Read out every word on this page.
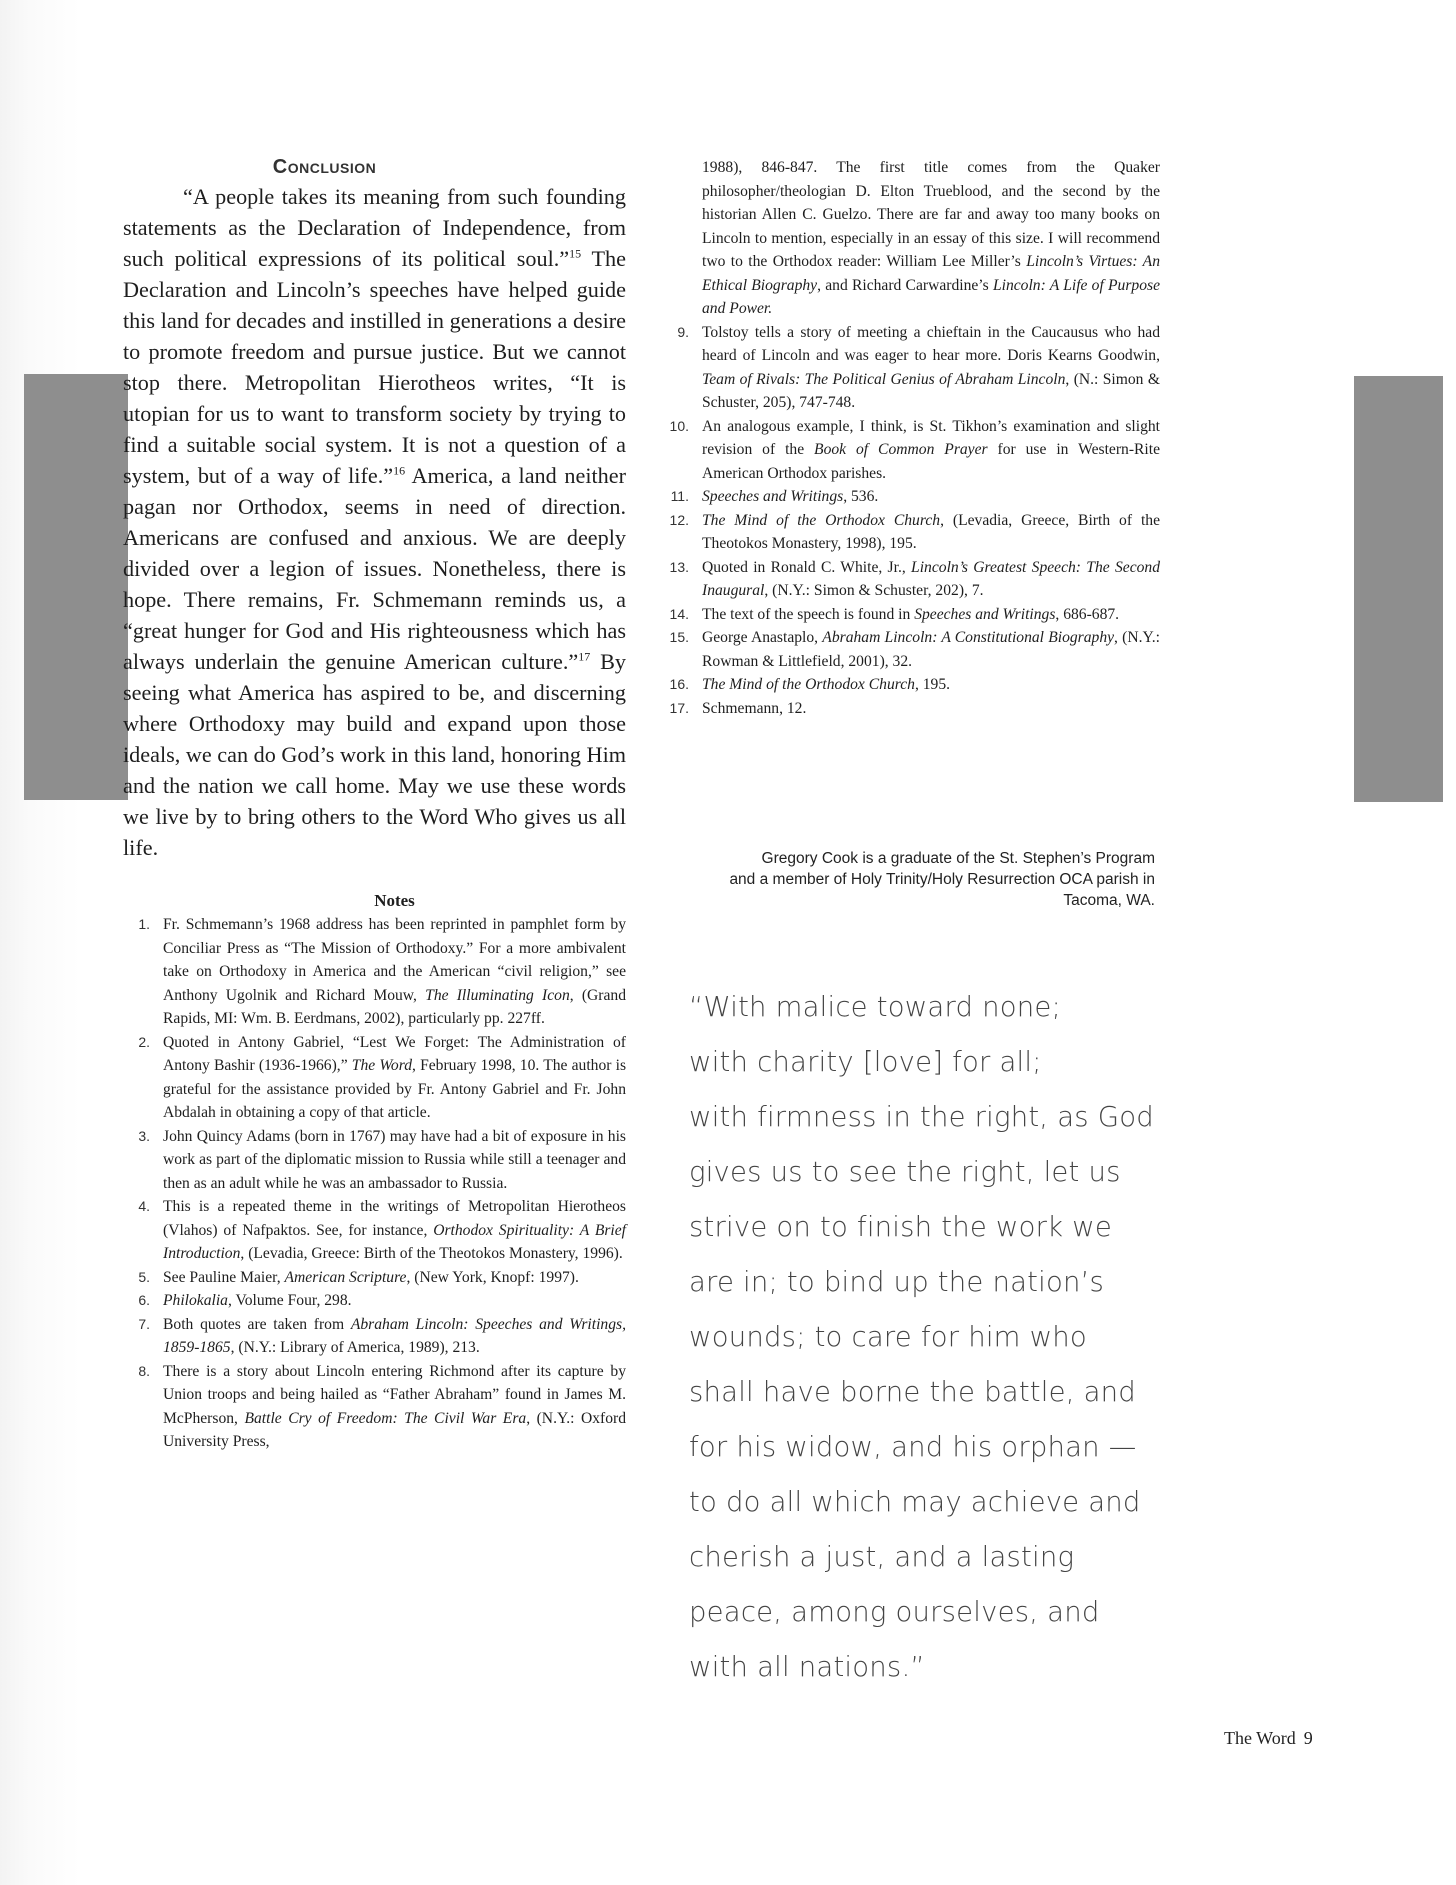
Conclusion

“A people takes its meaning from such founding statements as the Declaration of Independence, from such political expressions of its political soul.”$^{15}$ The Declaration and Lincoln’s speeches have helped guide this land for decades and instilled in generations a desire to promote freedom and pursue justice. But we cannot stop there. Metropolitan Hierotheos writes, “It is utopian for us to want to transform society by trying to find a suitable social system. It is not a question of a system, but of a way of life.”$^{16}$ America, a land neither pagan nor Orthodox, seems in need of direction. Americans are confused and anxious. We are deeply divided over a legion of issues. Nonetheless, there is hope. There remains, Fr. Schmemann reminds us, a “great hunger for God and His righteousness which has always underlain the genuine American culture.”$^{17}$ By seeing what America has aspired to be, and discerning where Orthodoxy may build and expand upon those ideals, we can do God’s work in this land, honoring Him and the nation we call home. May we use these words we live by to bring others to the Word Who gives us all life.

Notes
1. Fr. Schmemann’s 1968 address has been reprinted in pamphlet form by Conciliar Press as “The Mission of Orthodoxy.” For a more ambivalent take on Orthodoxy in America and the American “civil religion,” see Anthony Ugolnik and Richard Mouw, The Illuminating Icon, (Grand Rapids, MI: Wm. B. Eerdmans, 2002), particularly pp. 227ff.
2. Quoted in Antony Gabriel, “Lest We Forget: The Administration of Antony Bashir (1936-1966),” The Word, February 1998, 10. The author is grateful for the assistance provided by Fr. Antony Gabriel and Fr. John Abdalah in obtaining a copy of that article.
3. John Quincy Adams (born in 1767) may have had a bit of exposure in his work as part of the diplomatic mission to Russia while still a teenager and then as an adult while he was an ambassador to Russia.
4. This is a repeated theme in the writings of Metropolitan Hierotheos (Vlahos) of Nafpaktos. See, for instance, Orthodox Spirituality: A Brief Introduction, (Levadia, Greece: Birth of the Theotokos Monastery, 1996).
5. See Pauline Maier, American Scripture, (New York, Knopf: 1997).
6. Philokalia, Volume Four, 298.
7. Both quotes are taken from Abraham Lincoln: Speeches and Writings, 1859-1865, (N.Y.: Library of America, 1989), 213.
8. There is a story about Lincoln entering Richmond after its capture by Union troops and being hailed as “Father Abraham” found in James M. McPherson, Battle Cry of Freedom: The Civil War Era, (N.Y.: Oxford University Press,

1988), 846-847. The first title comes from the Quaker philosopher/theologian D. Elton Trueblood, and the second by the historian Allen C. Guelzo. There are far and away too many books on Lincoln to mention, especially in an essay of this size. I will recommend two to the Orthodox reader: William Lee Miller’s Lincoln’s Virtues: An Ethical Biography, and Richard Carwardine’s Lincoln: A Life of Purpose and Power.

9. Tolstoy tells a story of meeting a chieftain in the Caucausus who had heard of Lincoln and was eager to hear more. Doris Kearns Goodwin, Team of Rivals: The Political Genius of Abraham Lincoln, (N.: Simon & Schuster, 205), 747-748.
10. An analogous example, I think, is St. Tikhon’s examination and slight revision of the Book of Common Prayer for use in Western-Rite American Orthodox parishes.
11. Speeches and Writings, 536.
12. The Mind of the Orthodox Church, (Levadia, Greece, Birth of the Theotokos Monastery, 1998), 195.
13. Quoted in Ronald C. White, Jr., Lincoln’s Greatest Speech: The Second Inaugural, (N.Y.: Simon & Schuster, 202), 7.
14. The text of the speech is found in Speeches and Writings, 686-687.
15. George Anastaplo, Abraham Lincoln: A Constitutional Biography, (N.Y.: Rowman & Littlefield, 2001), 32.
16. The Mind of the Orthodox Church, 195.
17. Schmemann, 12.
Gregory Cook is a graduate of the St. Stephen’s Program
and a member of Holy Trinity/Holy Resurrection OCA parish in
Tacoma, WA.
“With malice toward none;
with charity [love] for all;
with firmness in the right, as God
gives us to see the right, let us
strive on to finish the work we
are in; to bind up the nation’s
wounds; to care for him who
shall have borne the battle, and
for his widow, and his orphan —
to do all which may achieve and
cherish a just, and a lasting
peace, among ourselves, and
with all nations.”
The Word 9
